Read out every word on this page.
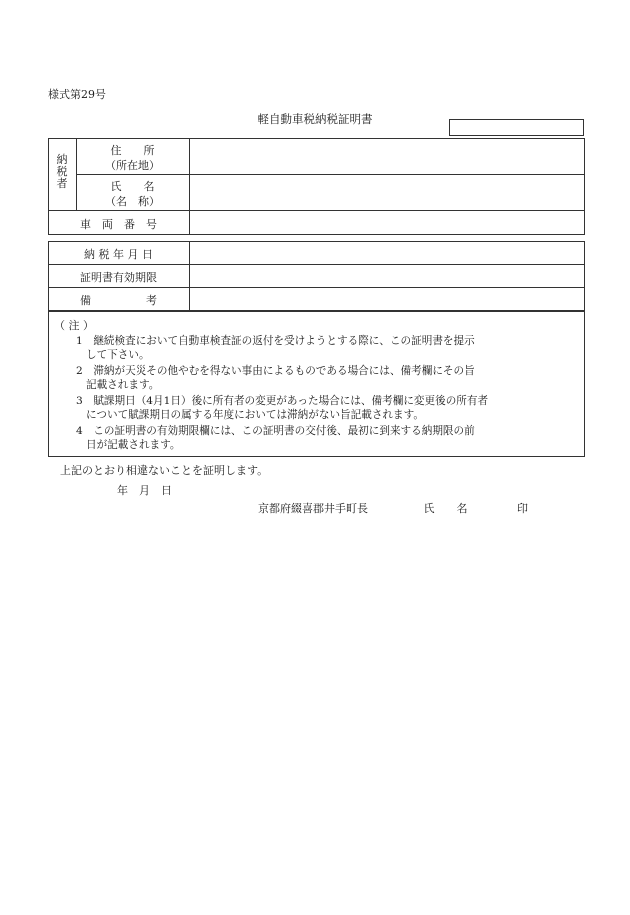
様式第29号
軽自動車税納税証明書
納税者
住　　所
（所在地）
氏　　名
（名　称）
車　両　番　号
納 税 年 月 日
証明書有効期限
備　　　　　考
（ 注 ）
1　継続検査において自動車検査証の返付を受けようとする際に、この証明書を提示
して下さい。
2　滞納が天災その他やむを得ない事由によるものである場合には、備考欄にその旨
記載されます。
3　賦課期日（4月1日）後に所有者の変更があった場合には、備考欄に変更後の所有者
について賦課期日の属する年度においては滞納がない旨記載されます。
4　この証明書の有効期限欄には、この証明書の交付後、最初に到来する納期限の前
日が記載されます。
上記のとおり相違ないことを証明します。
年　月　日
京都府綴喜郡井手町長	氏　　名	印
